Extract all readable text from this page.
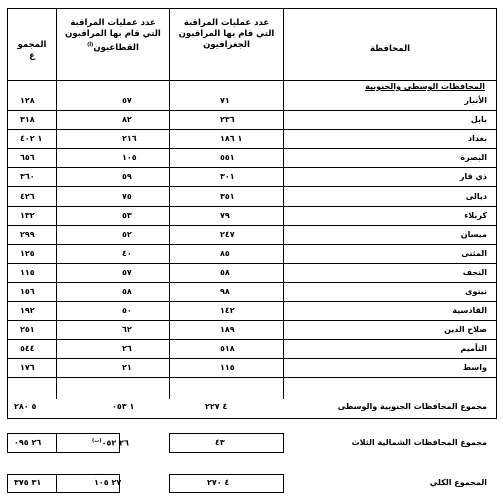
المجمو
ع
عدد عمليات المراقبة
التي قام بها المراقبون
القطاعيون$^{(أ)}$
عدد عمليات المراقبة
التي قام بها المراقبون
الجغرافيون	المحافظة
المحافظات الوسطى والجنوبية
١٢٨	٥٧	٧١	الأنبار
٣١٨	٨٢	٢٣٦	بابل
١ ٤٠٢	٢١٦	١ ١٨٦	بغداد
٦٥٦	١٠٥	٥٥١	البصرة
٣٦٠	٥٩	٣٠١	ذي قار
٤٢٦	٧٥	٣٥١	ديالى
١٣٢	٥٣	٧٩	كربلاء
٢٩٩	٥٢	٢٤٧	ميسان
١٢٥	٤٠	٨٥	المثنى
١١٥	٥٧	٥٨	النجف
١٥٦	٥٨	٩٨	نينوى
١٩٢	٥٠	١٤٢	القادسية
٢٥١	٦٢	١٨٩	صلاح الدين
٥٤٤	٢٦	٥١٨	التأميم
١٧٦	٢١	١١٥	واسط
٥ ٢٨٠	١ ٠٥٣	٤ ٢٢٧	مجموع المحافظات الجنوبية والوسطى
٢٦ ٠٩٥	٢٦ $٠٥٢^{(ب)}$	٤٣	مجموع المحافظات الشمالية الثلاث
٣١ ٣٧٥	٢٧ ١٠٥	٤ ٢٧٠	المجموع الكلي
